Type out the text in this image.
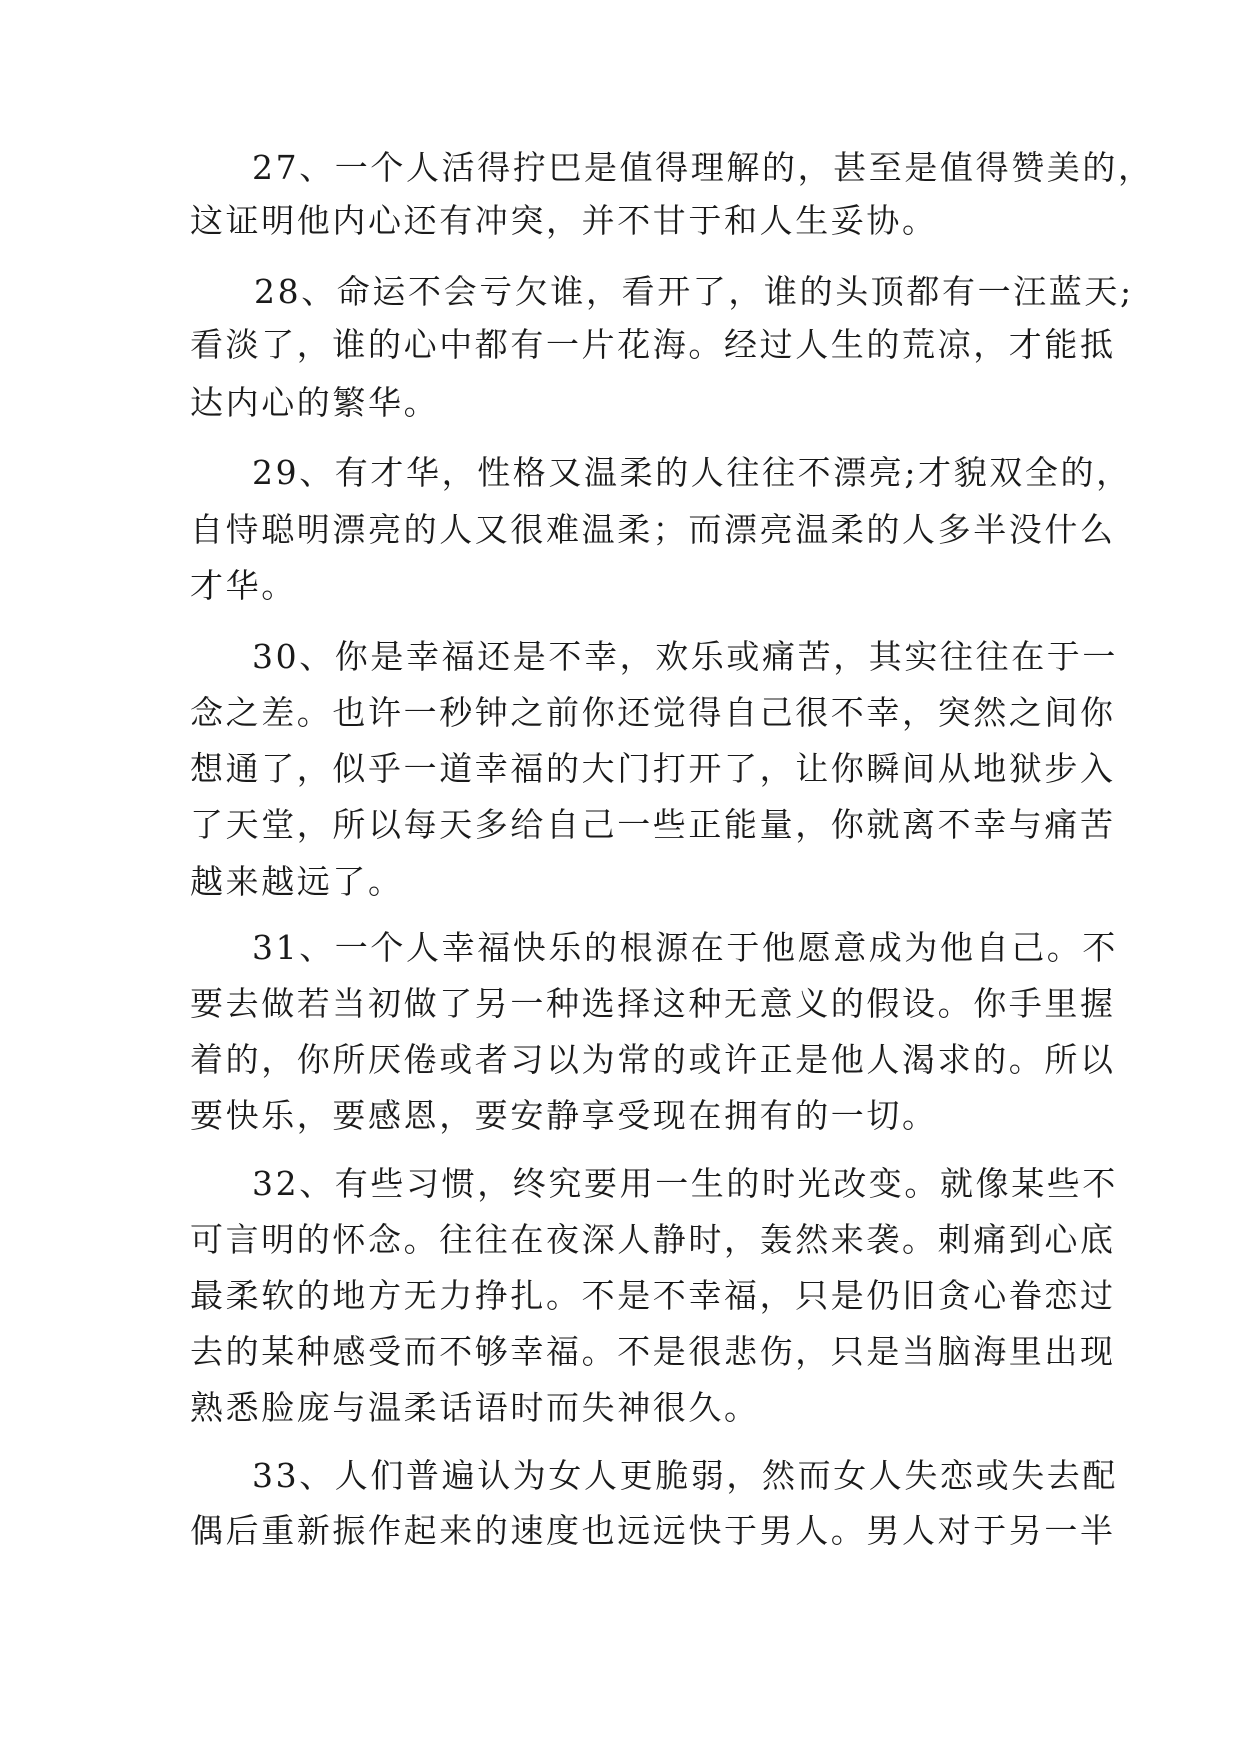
27、一个人活得拧巴是值得理解的，甚至是值得赞美的，
这证明他内心还有冲突，并不甘于和人生妥协。
28、命运不会亏欠谁，看开了，谁的头顶都有一汪蓝天;
看淡了，谁的心中都有一片花海。经过人生的荒凉，才能抵
达内心的繁华。
29、有才华，性格又温柔的人往往不漂亮;才貌双全的，
自恃聪明漂亮的人又很难温柔；而漂亮温柔的人多半没什么
才华。
30、你是幸福还是不幸，欢乐或痛苦，其实往往在于一
念之差。也许一秒钟之前你还觉得自己很不幸，突然之间你
想通了，似乎一道幸福的大门打开了，让你瞬间从地狱步入
了天堂，所以每天多给自己一些正能量，你就离不幸与痛苦
越来越远了。
31、一个人幸福快乐的根源在于他愿意成为他自己。不
要去做若当初做了另一种选择这种无意义的假设。你手里握
着的，你所厌倦或者习以为常的或许正是他人渴求的。所以
要快乐，要感恩，要安静享受现在拥有的一切。
32、有些习惯，终究要用一生的时光改变。就像某些不
可言明的怀念。往往在夜深人静时，轰然来袭。刺痛到心底
最柔软的地方无力挣扎。不是不幸福，只是仍旧贪心眷恋过
去的某种感受而不够幸福。不是很悲伤，只是当脑海里出现
熟悉脸庞与温柔话语时而失神很久。
33、人们普遍认为女人更脆弱，然而女人失恋或失去配
偶后重新振作起来的速度也远远快于男人。男人对于另一半
